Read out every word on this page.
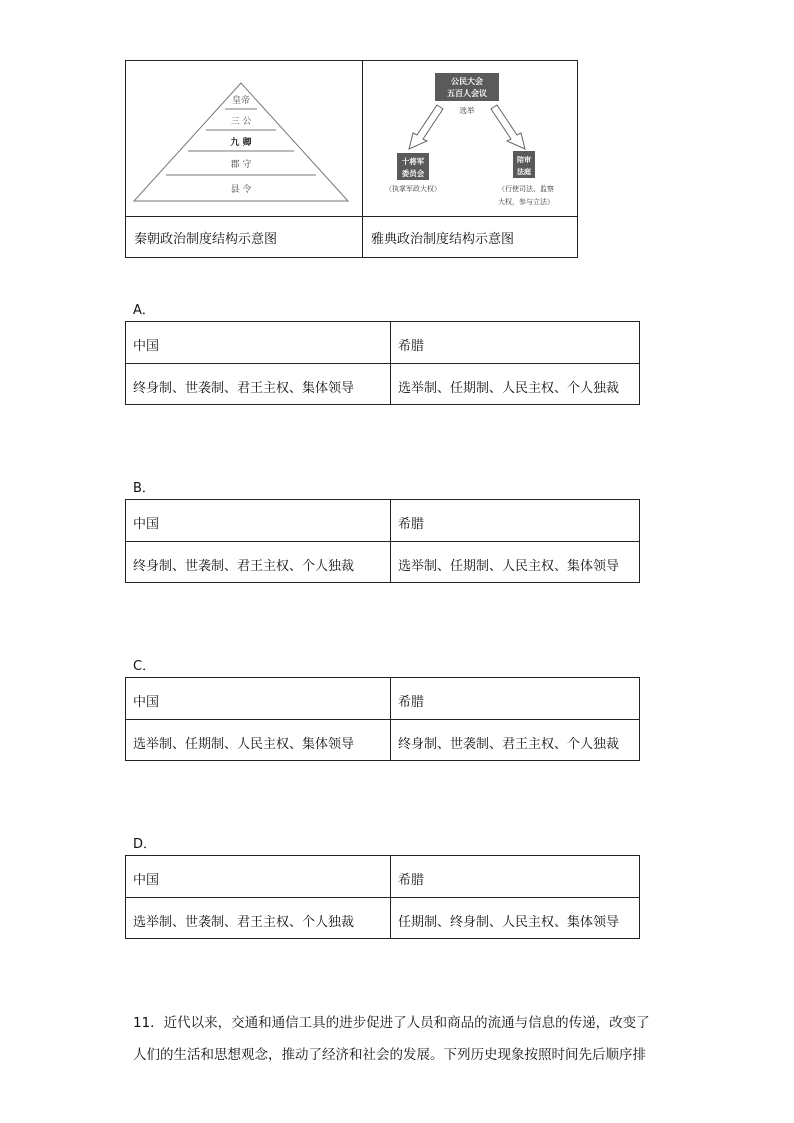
皇帝
三 公
九 卿
郡 守
县 令
公民大会
五百人会议
选举
十将军
委员会
（执掌军政大权）
陪审
法庭
（行使司法、监察
大权，参与立法）
秦朝政治制度结构示意图	雅典政治制度结构示意图
A．
中国	希腊
终身制、世袭制、君王主权、集体领导	选举制、任期制、人民主权、个人独裁
B．
中国	希腊
终身制、世袭制、君王主权、个人独裁	选举制、任期制、人民主权、集体领导
C．
中国	希腊
选举制、任期制、人民主权、集体领导	终身制、世袭制、君王主权、个人独裁
D．
中国	希腊
选举制、世袭制、君王主权、个人独裁	任期制、终身制、人民主权、集体领导
11．近代以来，交通和通信工具的进步促进了人员和商品的流通与信息的传递，改变了
人们的生活和思想观念，推动了经济和社会的发展。下列历史现象按照时间先后顺序排
